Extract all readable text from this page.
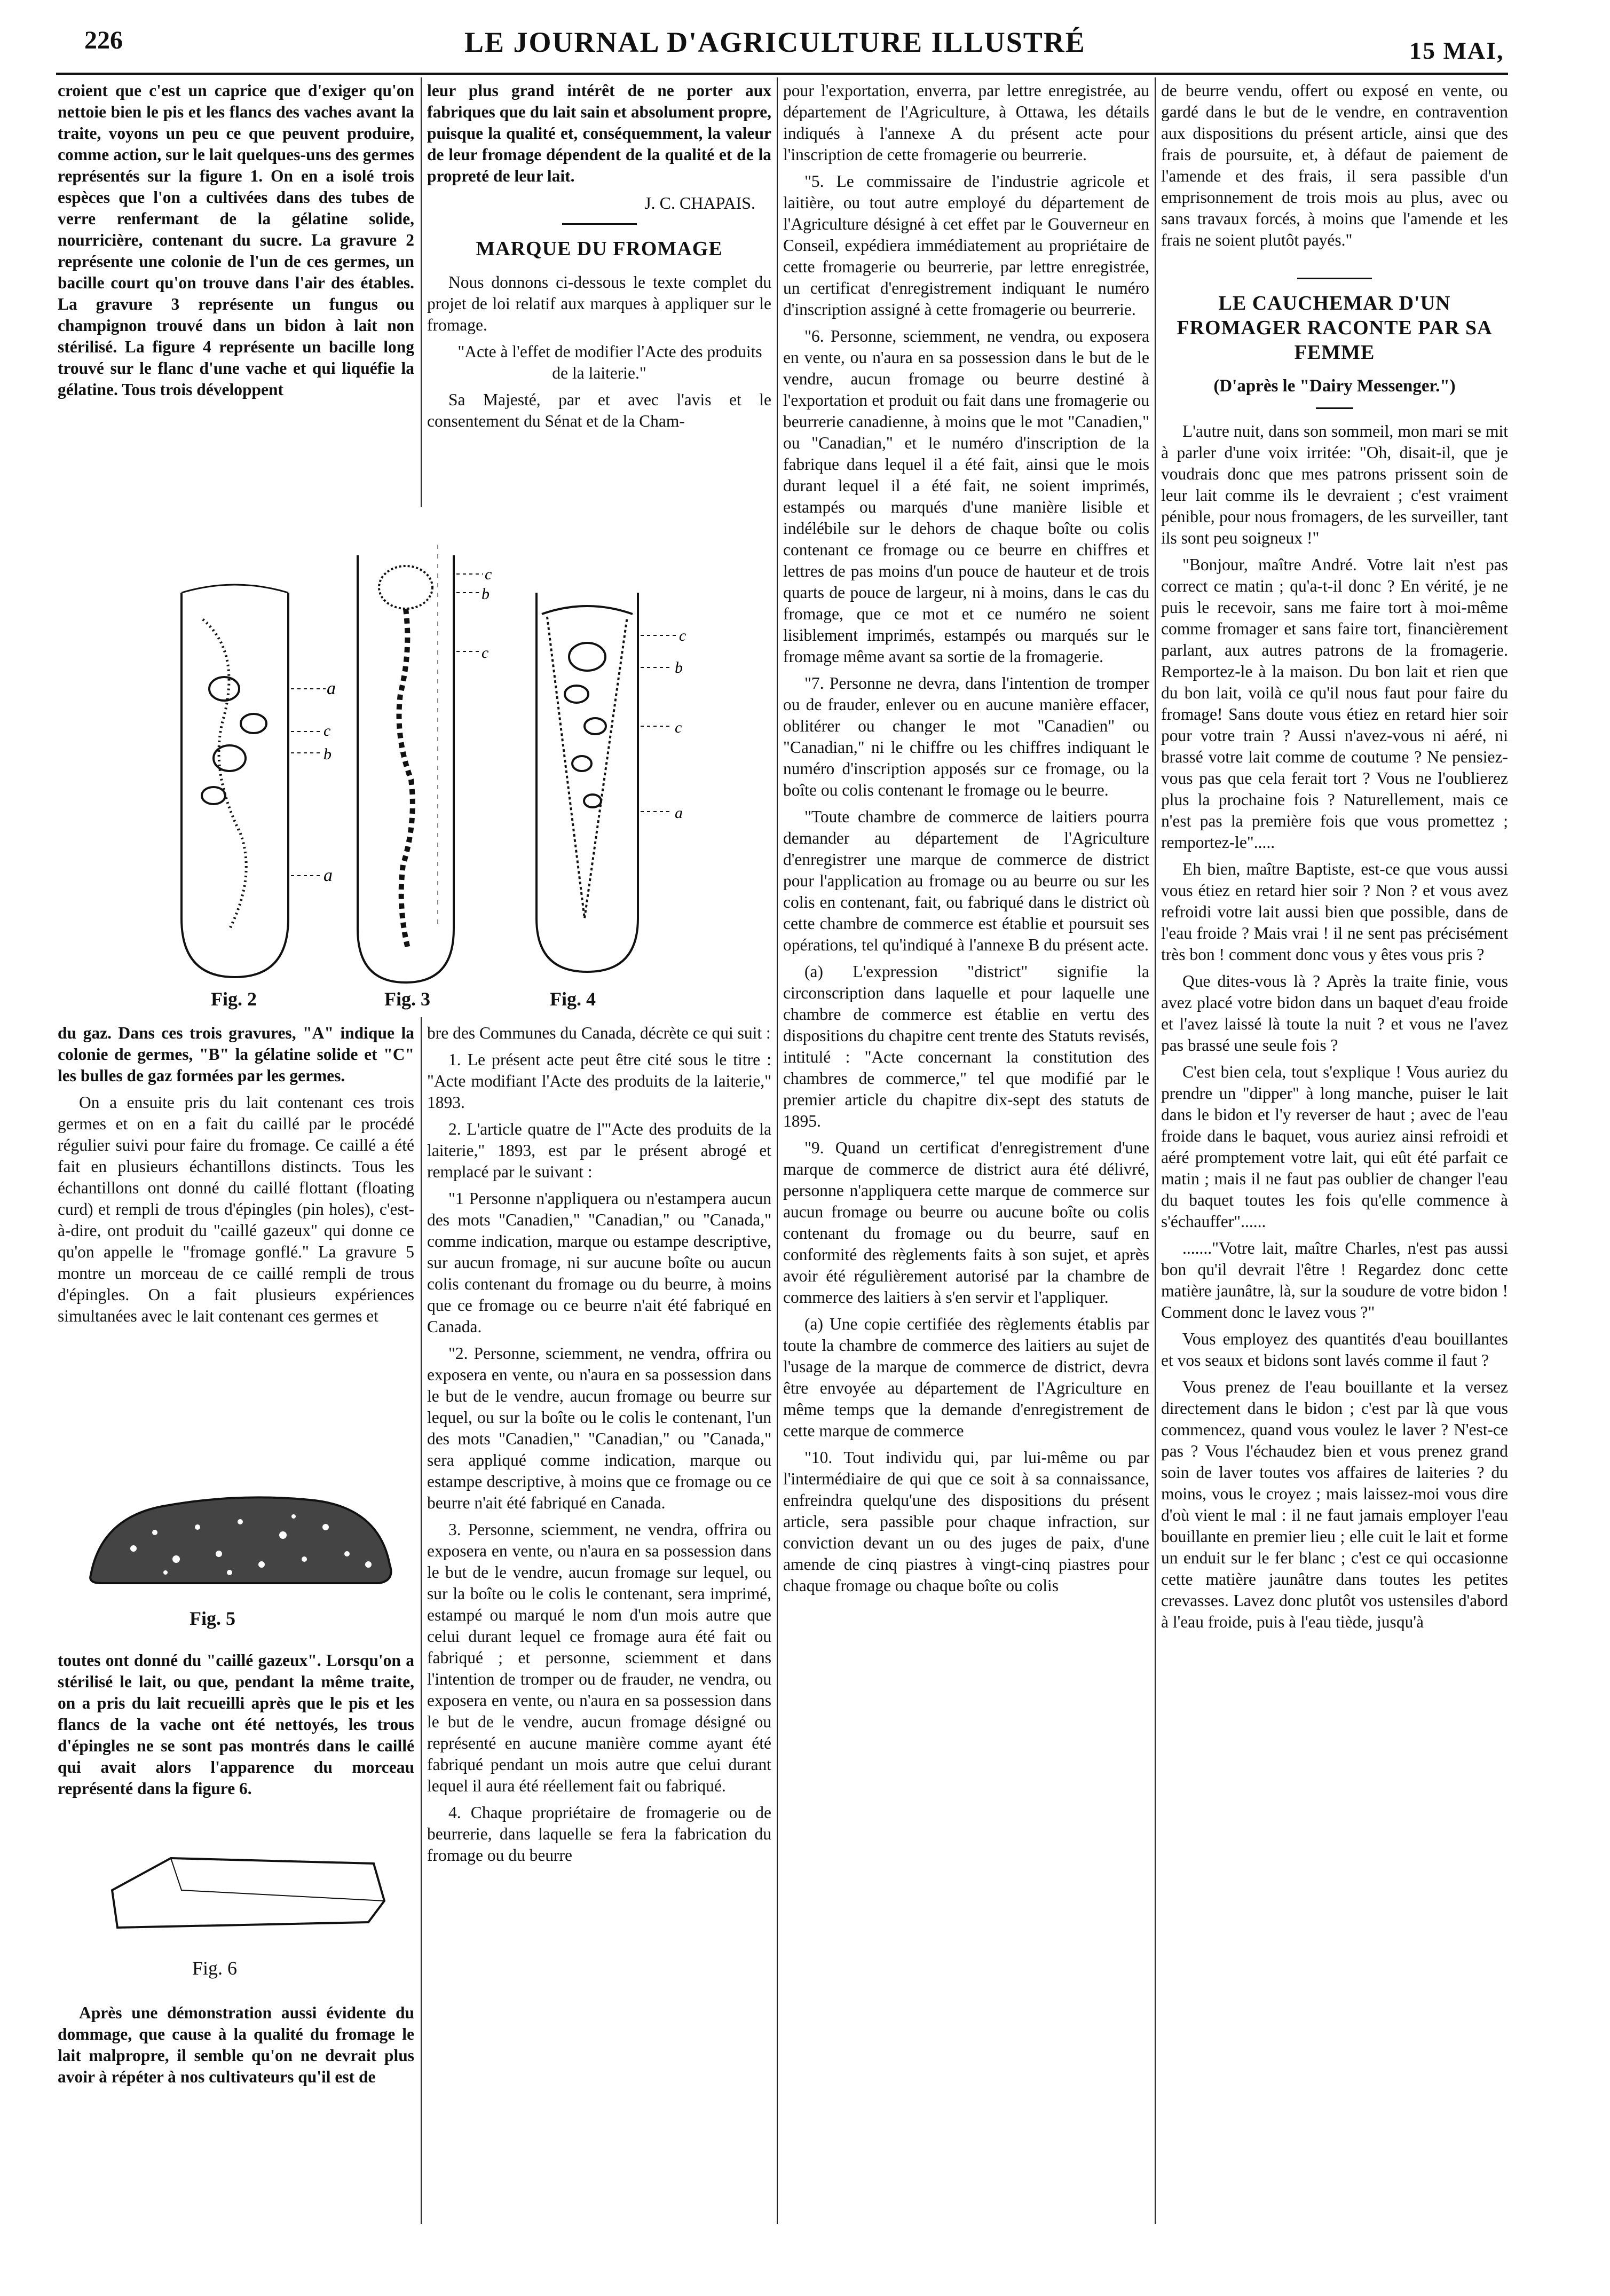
226	LE JOURNAL D'AGRICULTURE ILLUSTRÉ	15 MAI,

croient que c'est un caprice que d'exiger qu'on nettoie bien le pis et les flancs des vaches avant la traite, voyons un peu ce que peuvent produire, comme action, sur le lait quelques-uns des germes représentés sur la figure 1. On en a isolé trois espèces que l'on a cultivées dans des tubes de verre renfermant de la gélatine solide, nourricière, contenant du sucre. La gravure 2 représente une colonie de l'un de ces germes, un bacille court qu'on trouve dans l'air des étables. La gravure 3 représente un fungus ou champignon trouvé dans un bidon à lait non stérilisé. La figure 4 représente un bacille long trouvé sur le flanc d'une vache et qui liquéfie la gélatine. Tous trois développent

leur plus grand intérêt de ne porter aux fabriques que du lait sain et absolument propre, puisque la qualité et, conséquemment, la valeur de leur fromage dépendent de la qualité et de la propreté de leur lait.

J. C. CHAPAIS.
MARQUE DU FROMAGE

Nous donnons ci-dessous le texte complet du projet de loi relatif aux marques à appliquer sur le fromage.

"Acte à l'effet de modifier l'Acte des produits de la laiterie."

Sa Majesté, par et avec l'avis et le consentement du Sénat et de la Cham-

a
c
b
a
c
b
c
c
b
c
a
Fig. 2	Fig. 3	Fig. 4

du gaz. Dans ces trois gravures, "A" indique la colonie de germes, "B" la gélatine solide et "C" les bulles de gaz formées par les germes.

On a ensuite pris du lait contenant ces trois germes et on en a fait du caillé par le procédé régulier suivi pour faire du fromage. Ce caillé a été fait en plusieurs échantillons distincts. Tous les échantillons ont donné du caillé flottant (floating curd) et rempli de trous d'épingles (pin holes), c'est-à-dire, ont produit du "caillé gazeux" qui donne ce qu'on appelle le "fromage gonflé." La gravure 5 montre un morceau de ce caillé rempli de trous d'épingles. On a fait plusieurs expériences simultanées avec le lait contenant ces germes et

Fig. 5

toutes ont donné du "caillé gazeux". Lorsqu'on a stérilisé le lait, ou que, pendant la même traite, on a pris du lait recueilli après que le pis et les flancs de la vache ont été nettoyés, les trous d'épingles ne se sont pas montrés dans le caillé qui avait alors l'apparence du morceau représenté dans la figure 6.

Fig. 6

Après une démonstration aussi évidente du dommage, que cause à la qualité du fromage le lait malpropre, il semble qu'on ne devrait plus avoir à répéter à nos cultivateurs qu'il est de

bre des Communes du Canada, décrète ce qui suit :

1. Le présent acte peut être cité sous le titre : "Acte modifiant l'Acte des produits de la laiterie," 1893.

2. L'article quatre de l'"Acte des produits de la laiterie," 1893, est par le présent abrogé et remplacé par le suivant :

"1 Personne n'appliquera ou n'estampera aucun des mots "Canadien," "Canadian," ou "Canada," comme indication, marque ou estampe descriptive, sur aucun fromage, ni sur aucune boîte ou aucun colis contenant du fromage ou du beurre, à moins que ce fromage ou ce beurre n'ait été fabriqué en Canada.

"2. Personne, sciemment, ne vendra, offrira ou exposera en vente, ou n'aura en sa possession dans le but de le vendre, aucun fromage ou beurre sur lequel, ou sur la boîte ou le colis le contenant, l'un des mots "Canadien," "Canadian," ou "Canada," sera appliqué comme indication, marque ou estampe descriptive, à moins que ce fromage ou ce beurre n'ait été fabriqué en Canada.

3. Personne, sciemment, ne vendra, offrira ou exposera en vente, ou n'aura en sa possession dans le but de le vendre, aucun fromage sur lequel, ou sur la boîte ou le colis le contenant, sera imprimé, estampé ou marqué le nom d'un mois autre que celui durant lequel ce fromage aura été fait ou fabriqué ; et personne, sciemment et dans l'intention de tromper ou de frauder, ne vendra, ou exposera en vente, ou n'aura en sa possession dans le but de le vendre, aucun fromage désigné ou représenté en aucune manière comme ayant été fabriqué pendant un mois autre que celui durant lequel il aura été réellement fait ou fabriqué.

4. Chaque propriétaire de fromagerie ou de beurrerie, dans laquelle se fera la fabrication du fromage ou du beurre

pour l'exportation, enverra, par lettre enregistrée, au département de l'Agriculture, à Ottawa, les détails indiqués à l'annexe A du présent acte pour l'inscription de cette fromagerie ou beurrerie.

"5. Le commissaire de l'industrie agricole et laitière, ou tout autre employé du département de l'Agriculture désigné à cet effet par le Gouverneur en Conseil, expédiera immédiatement au propriétaire de cette fromagerie ou beurrerie, par lettre enregistrée, un certificat d'enregistrement indiquant le numéro d'inscription assigné à cette fromagerie ou beurrerie.

"6. Personne, sciemment, ne vendra, ou exposera en vente, ou n'aura en sa possession dans le but de le vendre, aucun fromage ou beurre destiné à l'exportation et produit ou fait dans une fromagerie ou beurrerie canadienne, à moins que le mot "Canadien," ou "Canadian," et le numéro d'inscription de la fabrique dans lequel il a été fait, ainsi que le mois durant lequel il a été fait, ne soient imprimés, estampés ou marqués d'une manière lisible et indélébile sur le dehors de chaque boîte ou colis contenant ce fromage ou ce beurre en chiffres et lettres de pas moins d'un pouce de hauteur et de trois quarts de pouce de largeur, ni à moins, dans le cas du fromage, que ce mot et ce numéro ne soient lisiblement imprimés, estampés ou marqués sur le fromage même avant sa sortie de la fromagerie.

"7. Personne ne devra, dans l'intention de tromper ou de frauder, enlever ou en aucune manière effacer, oblitérer ou changer le mot "Canadien" ou "Canadian," ni le chiffre ou les chiffres indiquant le numéro d'inscription apposés sur ce fromage, ou la boîte ou colis contenant le fromage ou le beurre.

"Toute chambre de commerce de laitiers pourra demander au département de l'Agriculture d'enregistrer une marque de commerce de district pour l'application au fromage ou au beurre ou sur les colis en contenant, fait, ou fabriqué dans le district où cette chambre de commerce est établie et poursuit ses opérations, tel qu'indiqué à l'annexe B du présent acte.

(a) L'expression "district" signifie la circonscription dans laquelle et pour laquelle une chambre de commerce est établie en vertu des dispositions du chapitre cent trente des Statuts revisés, intitulé : "Acte concernant la constitution des chambres de commerce," tel que modifié par le premier article du chapitre dix-sept des statuts de 1895.

"9. Quand un certificat d'enregistrement d'une marque de commerce de district aura été délivré, personne n'appliquera cette marque de commerce sur aucun fromage ou beurre ou aucune boîte ou colis contenant du fromage ou du beurre, sauf en conformité des règlements faits à son sujet, et après avoir été régulièrement autorisé par la chambre de commerce des laitiers à s'en servir et l'appliquer.

(a) Une copie certifiée des règlements établis par toute la chambre de commerce des laitiers au sujet de l'usage de la marque de commerce de district, devra être envoyée au département de l'Agriculture en même temps que la demande d'enregistrement de cette marque de commerce

"10. Tout individu qui, par lui-même ou par l'intermédiaire de qui que ce soit à sa connaissance, enfreindra quelqu'une des dispositions du présent article, sera passible pour chaque infraction, sur conviction devant un ou des juges de paix, d'une amende de cinq piastres à vingt-cinq piastres pour chaque fromage ou chaque boîte ou colis

de beurre vendu, offert ou exposé en vente, ou gardé dans le but de le vendre, en contravention aux dispositions du présent article, ainsi que des frais de poursuite, et, à défaut de paiement de l'amende et des frais, il sera passible d'un emprisonnement de trois mois au plus, avec ou sans travaux forcés, à moins que l'amende et les frais ne soient plutôt payés."

LE CAUCHEMAR D'UN FROMAGER RACONTE PAR SA FEMME
(D'après le "Dairy Messenger.")

L'autre nuit, dans son sommeil, mon mari se mit à parler d'une voix irritée: "Oh, disait-il, que je voudrais donc que mes patrons prissent soin de leur lait comme ils le devraient ; c'est vraiment pénible, pour nous fromagers, de les surveiller, tant ils sont peu soigneux !"

"Bonjour, maître André. Votre lait n'est pas correct ce matin ; qu'a-t-il donc ? En vérité, je ne puis le recevoir, sans me faire tort à moi-même comme fromager et sans faire tort, financièrement parlant, aux autres patrons de la fromagerie. Remportez-le à la maison. Du bon lait et rien que du bon lait, voilà ce qu'il nous faut pour faire du fromage! Sans doute vous étiez en retard hier soir pour votre train ? Aussi n'avez-vous ni aéré, ni brassé votre lait comme de coutume ? Ne pensiez-vous pas que cela ferait tort ? Vous ne l'oublierez plus la prochaine fois ? Naturellement, mais ce n'est pas la première fois que vous promettez ; remportez-le".....

Eh bien, maître Baptiste, est-ce que vous aussi vous étiez en retard hier soir ? Non ? et vous avez refroidi votre lait aussi bien que possible, dans de l'eau froide ? Mais vrai ! il ne sent pas précisément très bon ! comment donc vous y êtes vous pris ?

Que dites-vous là ? Après la traite finie, vous avez placé votre bidon dans un baquet d'eau froide et l'avez laissé là toute la nuit ? et vous ne l'avez pas brassé une seule fois ?

C'est bien cela, tout s'explique ! Vous auriez du prendre un "dipper" à long manche, puiser le lait dans le bidon et l'y reverser de haut ; avec de l'eau froide dans le baquet, vous auriez ainsi refroidi et aéré promptement votre lait, qui eût été parfait ce matin ; mais il ne faut pas oublier de changer l'eau du baquet toutes les fois qu'elle commence à s'échauffer"......

......."Votre lait, maître Charles, n'est pas aussi bon qu'il devrait l'être ! Regardez donc cette matière jaunâtre, là, sur la soudure de votre bidon ! Comment donc le lavez vous ?"

Vous employez des quantités d'eau bouillantes et vos seaux et bidons sont lavés comme il faut ?

Vous prenez de l'eau bouillante et la versez directement dans le bidon ; c'est par là que vous commencez, quand vous voulez le laver ? N'est-ce pas ? Vous l'échaudez bien et vous prenez grand soin de laver toutes vos affaires de laiteries ? du moins, vous le croyez ; mais laissez-moi vous dire d'où vient le mal : il ne faut jamais employer l'eau bouillante en premier lieu ; elle cuit le lait et forme un enduit sur le fer blanc ; c'est ce qui occasionne cette matière jaunâtre dans toutes les petites crevasses. Lavez donc plutôt vos ustensiles d'abord à l'eau froide, puis à l'eau tiède, jusqu'à
